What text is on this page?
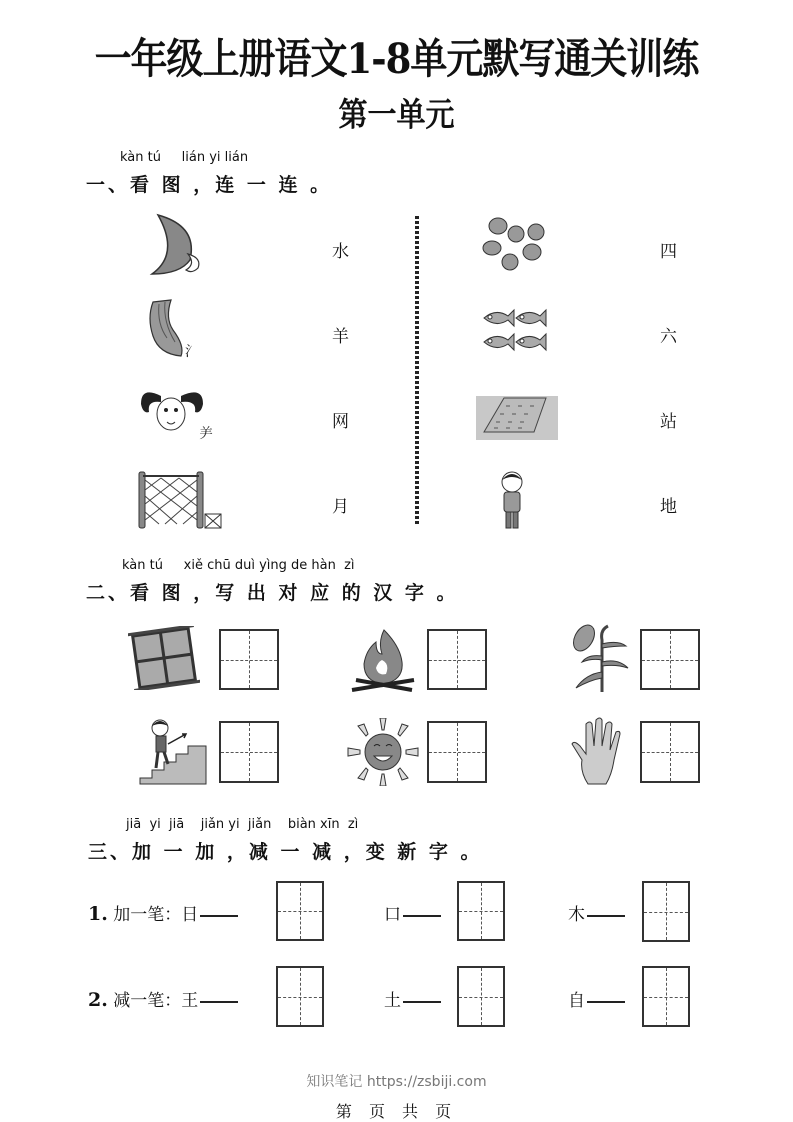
一年级上册语文1-8单元默写通关训练
第一单元
kàn tú     lián yi lián
一、看 图 ，连 一 连 。
氵
⺶
水
羊
网
月
四
六
站
地
kàn tú     xiě chū duì yìng de hàn  zì
二、看 图 ，写 出 对 应 的 汉 字 。
jiā  yi  jiā    jiǎn yi  jiǎn    biàn xīn  zì
三、加 一 加 ，减 一 减 ，变 新 字 。
1. 加一笔：日	口	木
2. 减一笔：王	土	自
知识笔记 https://zsbiji.com
第 页 共 页
